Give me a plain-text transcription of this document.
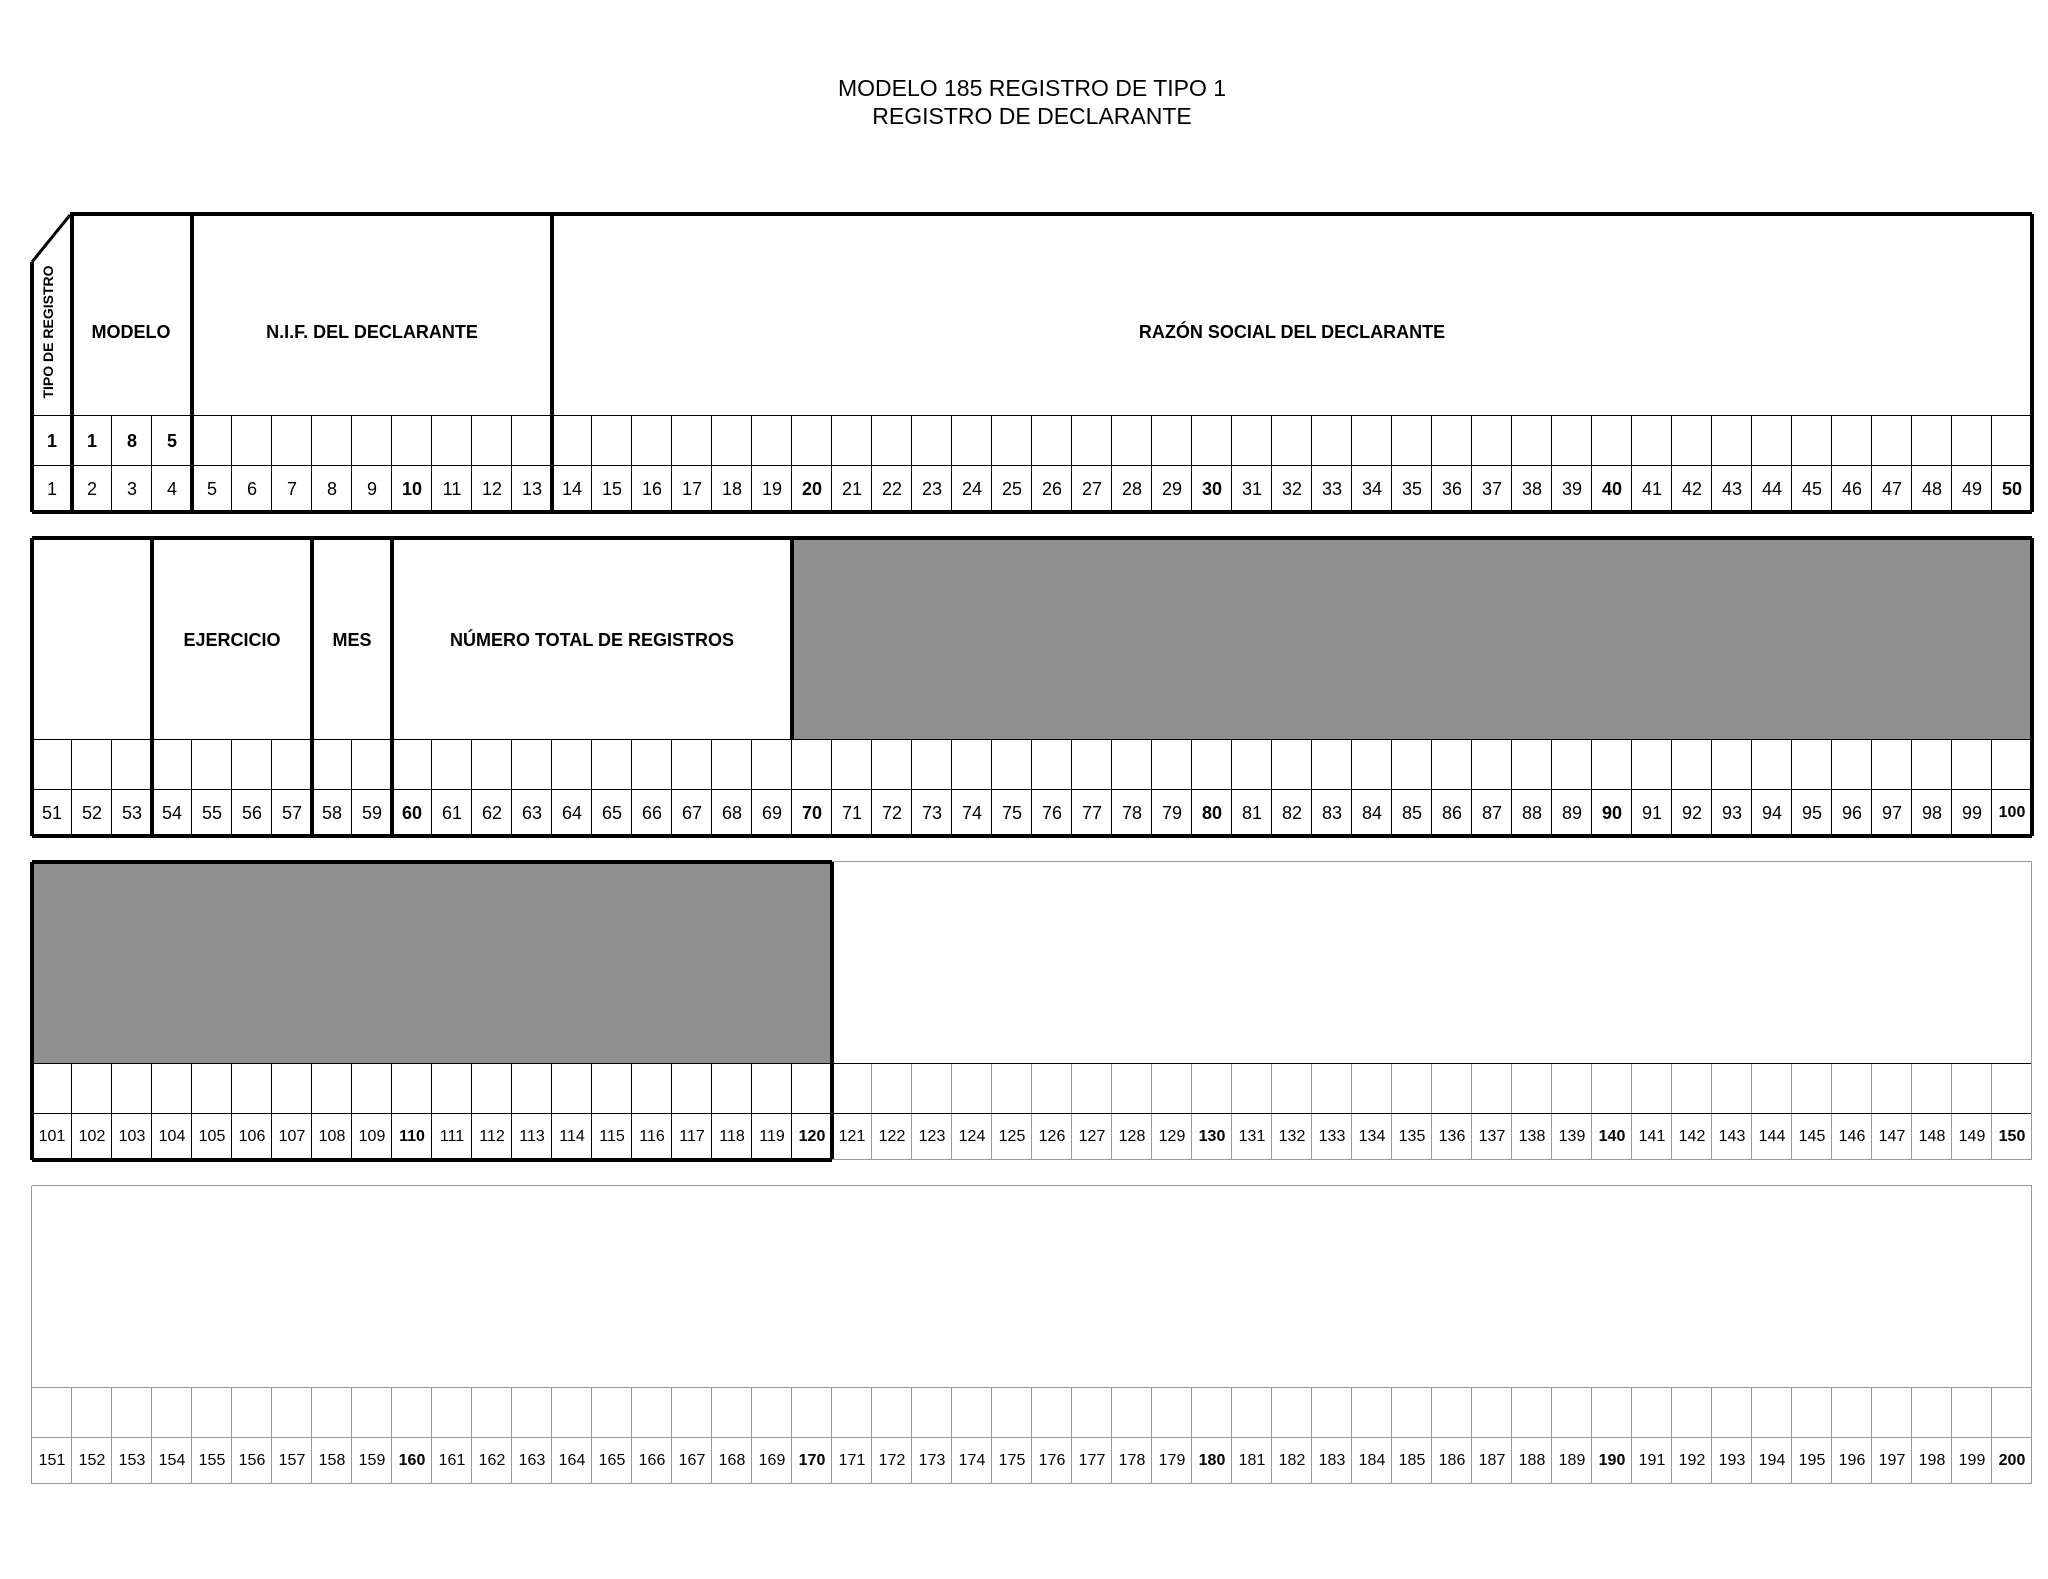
MODELO 185 REGISTRO DE TIPO 1
REGISTRO DE DECLARANTE
TIPO DE REGISTRO	MODELO	N.I.F. DEL DECLARANTE	RAZÓN SOCIAL DEL DECLARANTE
1	1	8	5
EJERCICIO	MES	NÚMERO TOTAL DE REGISTROS
1	2	3	4	5	6	7	8	9	10	11	12	13	14	15	16	17	18	19	20	21	22	23	24	25	26	27	28	29	30	31	32	33	34	35	36	37	38	39	40	41	42	43	44	45	46	47	48	49	50
51	52	53	54	55	56	57	58	59	60	61	62	63	64	65	66	67	68	69	70	71	72	73	74	75	76	77	78	79	80	81	82	83	84	85	86	87	88	89	90	91	92	93	94	95	96	97	98	99	100
101 102 103 104 105 106 107 108 109 110 111 112 113 114 115 116 117 118 119 120 121 122 123 124 125 126 127 128 129 130 131 132 133 134 135 136 137 138 139 140 141 142 143 144 145 146 147 148 149 150
151 152 153 154 155 156 157 158 159 160 161 162 163 164 165 166 167 168 169 170 171 172 173 174 175 176 177 178 179 180 181 182 183 184 185 186 187 188 189 190 191 192 193 194 195 196 197 198 199 200
